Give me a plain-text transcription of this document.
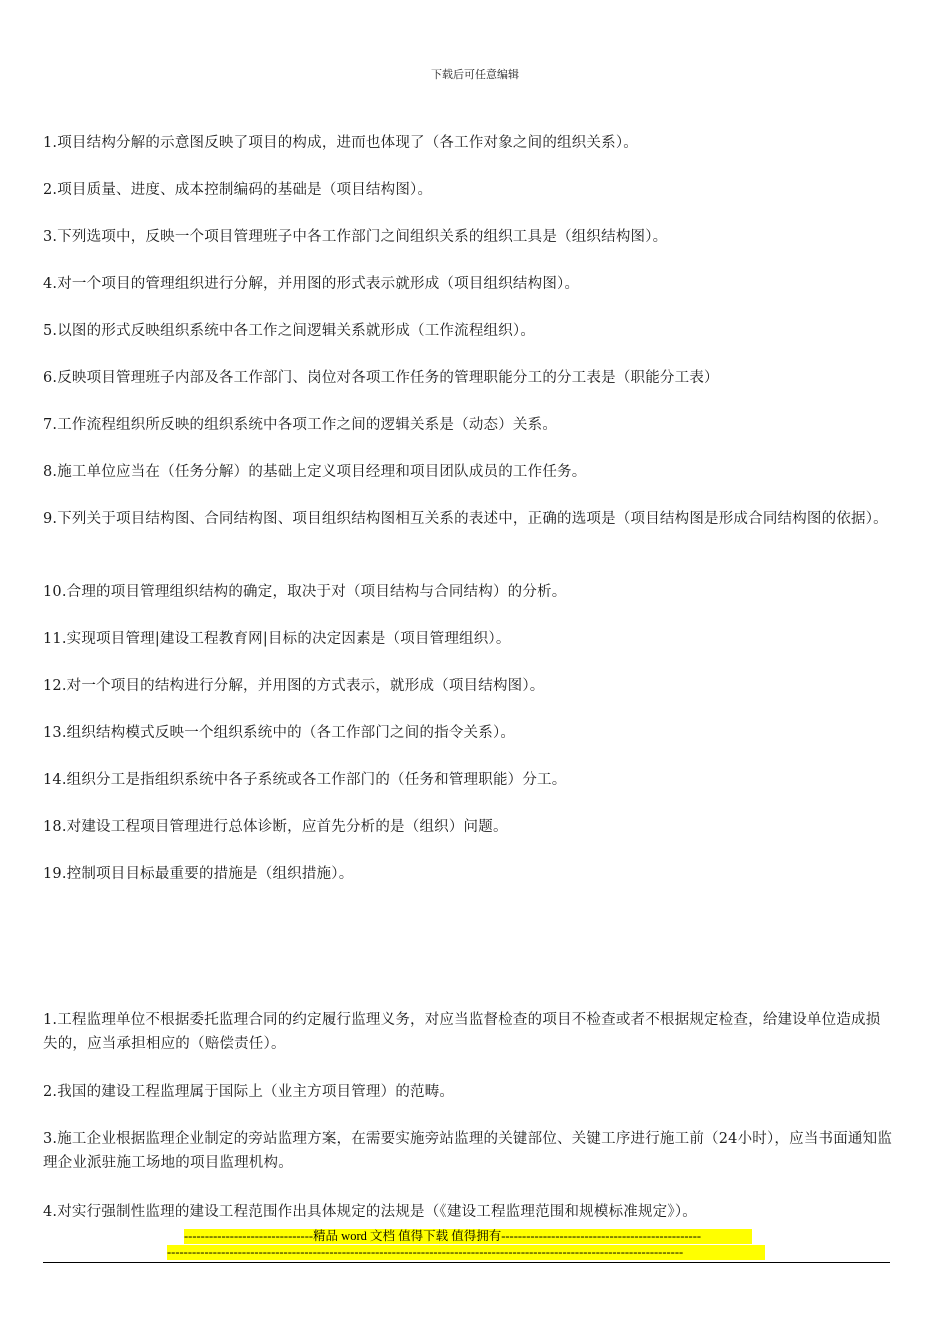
下载后可任意编辑
1.项目结构分解的示意图反映了项目的构成，进而也体现了（各工作对象之间的组织关系）。
2.项目质量、进度、成本控制编码的基础是（项目结构图）。
3.下列选项中，反映一个项目管理班子中各工作部门之间组织关系的组织工具是（组织结构图）。
4.对一个项目的管理组织进行分解，并用图的形式表示就形成（项目组织结构图）。
5.以图的形式反映组织系统中各工作之间逻辑关系就形成（工作流程组织）。
6.反映项目管理班子内部及各工作部门、岗位对各项工作任务的管理职能分工的分工表是（职能分工表）
7.工作流程组织所反映的组织系统中各项工作之间的逻辑关系是（动态）关系。
8.施工单位应当在（任务分解）的基础上定义项目经理和项目团队成员的工作任务。
9.下列关于项目结构图、合同结构图、项目组织结构图相互关系的表述中，正确的选项是（项目结构图是形成合同结构图的依据）。
10.合理的项目管理组织结构的确定，取决于对（项目结构与合同结构）的分析。
11.实现项目管理|建设工程教育网|目标的决定因素是（项目管理组织）。
12.对一个项目的结构进行分解，并用图的方式表示，就形成（项目结构图）。
13.组织结构模式反映一个组织系统中的（各工作部门之间的指令关系）。
14.组织分工是指组织系统中各子系统或各工作部门的（任务和管理职能）分工。
18.对建设工程项目管理进行总体诊断，应首先分析的是（组织）问题。
19.控制项目目标最重要的措施是（组织措施）。
1.工程监理单位不根据委托监理合同的约定履行监理义务，对应当监督检查的项目不检查或者不根据规定检查，给建设单位造成损失的，应当承担相应的（赔偿责任）。
2.我国的建设工程监理属于国际上（业主方项目管理）的范畴。
3.施工企业根据监理企业制定的旁站监理方案，在需要实施旁站监理的关键部位、关键工序进行施工前（24小时），应当书面通知监理企业派驻施工场地的项目监理机构。
4.对实行强制性监理的建设工程范围作出具体规定的法规是（《建设工程监理范围和规模标准规定》）。
-------------------------------精品 word 文档 值得下载 值得拥有------------------------------------------------
----------------------------------------------------------------------------------------------------------------------------
